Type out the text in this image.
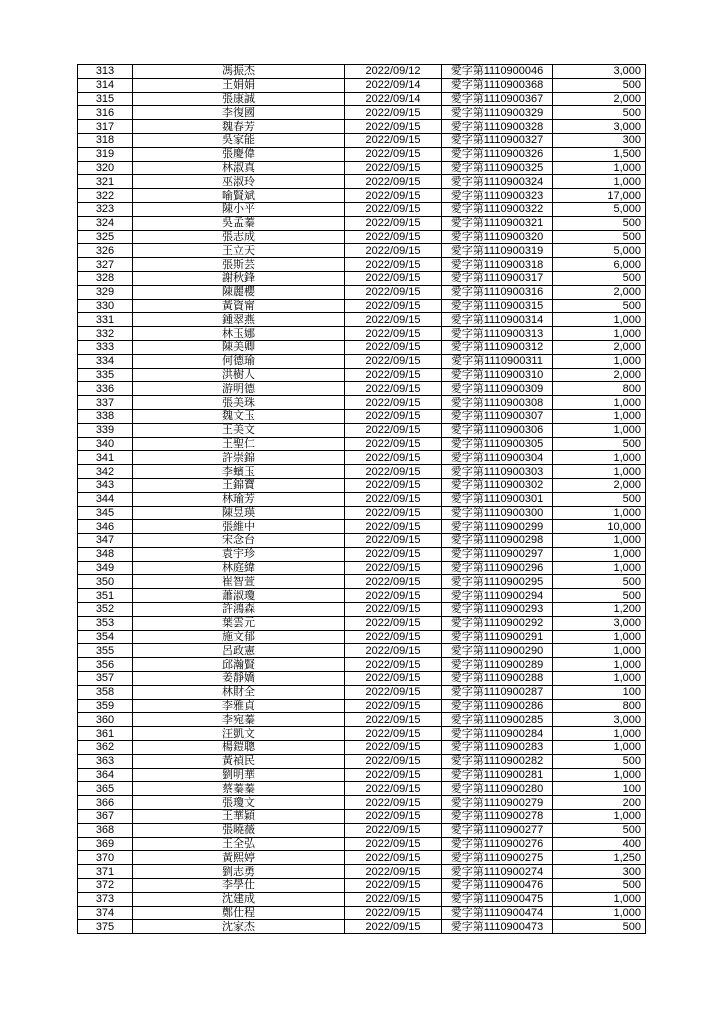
313	馮振杰	2022/09/12	愛字第1110900046	3,000
314	王娟娟	2022/09/14	愛字第1110900368	500
315	張康誠	2022/09/14	愛字第1110900367	2,000
316	李復國	2022/09/15	愛字第1110900329	500
317	魏春芳	2022/09/15	愛字第1110900328	3,000
318	吳家能	2022/09/15	愛字第1110900327	300
319	張慶偉	2022/09/15	愛字第1110900326	1,500
320	林淑真	2022/09/15	愛字第1110900325	1,000
321	巫淑玲	2022/09/15	愛字第1110900324	1,000
322	喻賢斌	2022/09/15	愛字第1110900323	17,000
323	陳小平	2022/09/15	愛字第1110900322	5,000
324	吳孟蓁	2022/09/15	愛字第1110900321	500
325	張志成	2022/09/15	愛字第1110900320	500
326	王立天	2022/09/15	愛字第1110900319	5,000
327	張斯芸	2022/09/15	愛字第1110900318	6,000
328	謝秋鋒	2022/09/15	愛字第1110900317	500
329	陳麗櫻	2022/09/15	愛字第1110900316	2,000
330	黃資甯	2022/09/15	愛字第1110900315	500
331	鍾翠燕	2022/09/15	愛字第1110900314	1,000
332	林玉娜	2022/09/15	愛字第1110900313	1,000
333	陳美卿	2022/09/15	愛字第1110900312	2,000
334	何德瑜	2022/09/15	愛字第1110900311	1,000
335	洪樹人	2022/09/15	愛字第1110900310	2,000
336	游明德	2022/09/15	愛字第1110900309	800
337	張美珠	2022/09/15	愛字第1110900308	1,000
338	魏文玉	2022/09/15	愛字第1110900307	1,000
339	王美文	2022/09/15	愛字第1110900306	1,000
340	王聖仁	2022/09/15	愛字第1110900305	500
341	許崇錦	2022/09/15	愛字第1110900304	1,000
342	李蠙玉	2022/09/15	愛字第1110900303	1,000
343	王錦寶	2022/09/15	愛字第1110900302	2,000
344	林瑜芳	2022/09/15	愛字第1110900301	500
345	陳昱瑛	2022/09/15	愛字第1110900300	1,000
346	張維中	2022/09/15	愛字第1110900299	10,000
347	宋念台	2022/09/15	愛字第1110900298	1,000
348	袁宇珍	2022/09/15	愛字第1110900297	1,000
349	林庭緯	2022/09/15	愛字第1110900296	1,000
350	崔智萱	2022/09/15	愛字第1110900295	500
351	蕭淑瓊	2022/09/15	愛字第1110900294	500
352	許鴻森	2022/09/15	愛字第1110900293	1,200
353	葉雲元	2022/09/15	愛字第1110900292	3,000
354	施文郁	2022/09/15	愛字第1110900291	1,000
355	呂政憲	2022/09/15	愛字第1110900290	1,000
356	邱瀚賢	2022/09/15	愛字第1110900289	1,000
357	姜靜嬌	2022/09/15	愛字第1110900288	1,000
358	林財全	2022/09/15	愛字第1110900287	100
359	李雅貞	2022/09/15	愛字第1110900286	800
360	李宛蓁	2022/09/15	愛字第1110900285	3,000
361	汪凱文	2022/09/15	愛字第1110900284	1,000
362	楊鎧聰	2022/09/15	愛字第1110900283	1,000
363	黃禎民	2022/09/15	愛字第1110900282	500
364	劉明華	2022/09/15	愛字第1110900281	1,000
365	蔡蓁蓁	2022/09/15	愛字第1110900280	100
366	張瓊文	2022/09/15	愛字第1110900279	200
367	王華穎	2022/09/15	愛字第1110900278	1,000
368	張曉薇	2022/09/15	愛字第1110900277	500
369	王全弘	2022/09/15	愛字第1110900276	400
370	黃熙婷	2022/09/15	愛字第1110900275	1,250
371	劉志勇	2022/09/15	愛字第1110900274	300
372	李學仕	2022/09/15	愛字第1110900476	500
373	沈建成	2022/09/15	愛字第1110900475	1,000
374	鄭仕程	2022/09/15	愛字第1110900474	1,000
375	沈家杰	2022/09/15	愛字第1110900473	500
